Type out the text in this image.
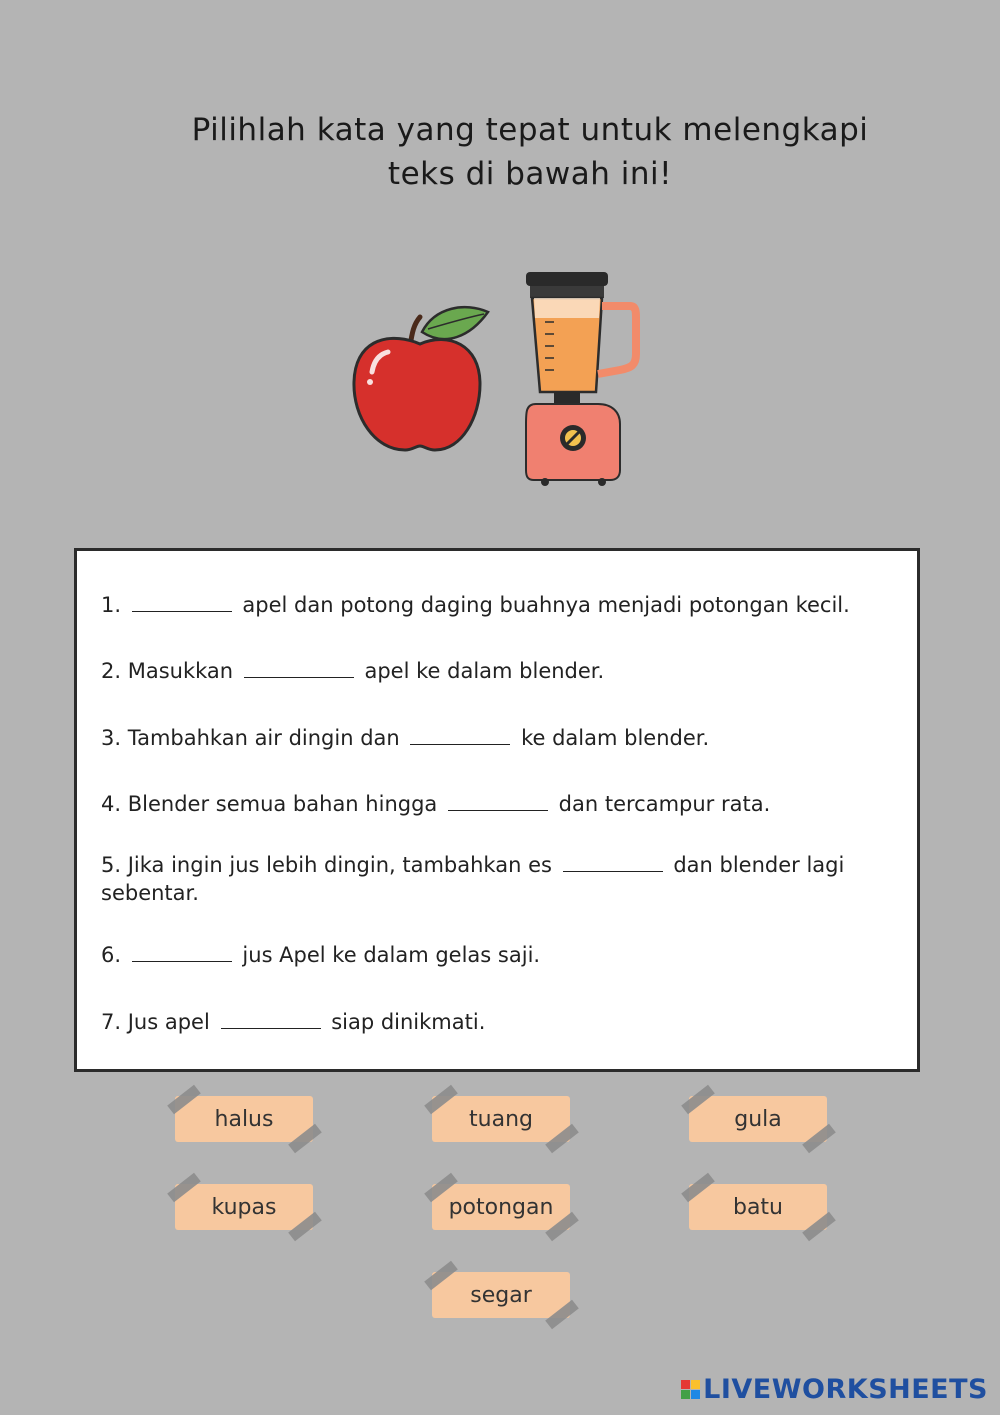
Pilihlah kata yang tepat untuk melengkapi
teks di bawah ini!
1.	apel dan potong daging buahnya menjadi potongan kecil.
2. Masukkan	apel ke dalam blender.
3. Tambahkan air dingin dan	ke dalam blender.
4. Blender semua bahan hingga	dan tercampur rata.
5. Jika ingin jus lebih dingin, tambahkan es	dan blender lagi sebentar.
6.	jus Apel ke dalam gelas saji.
7. Jus apel	siap dinikmati.
halus	tuang	gula
kupas	potongan	batu
segar
LIVEWORKSHEETS
